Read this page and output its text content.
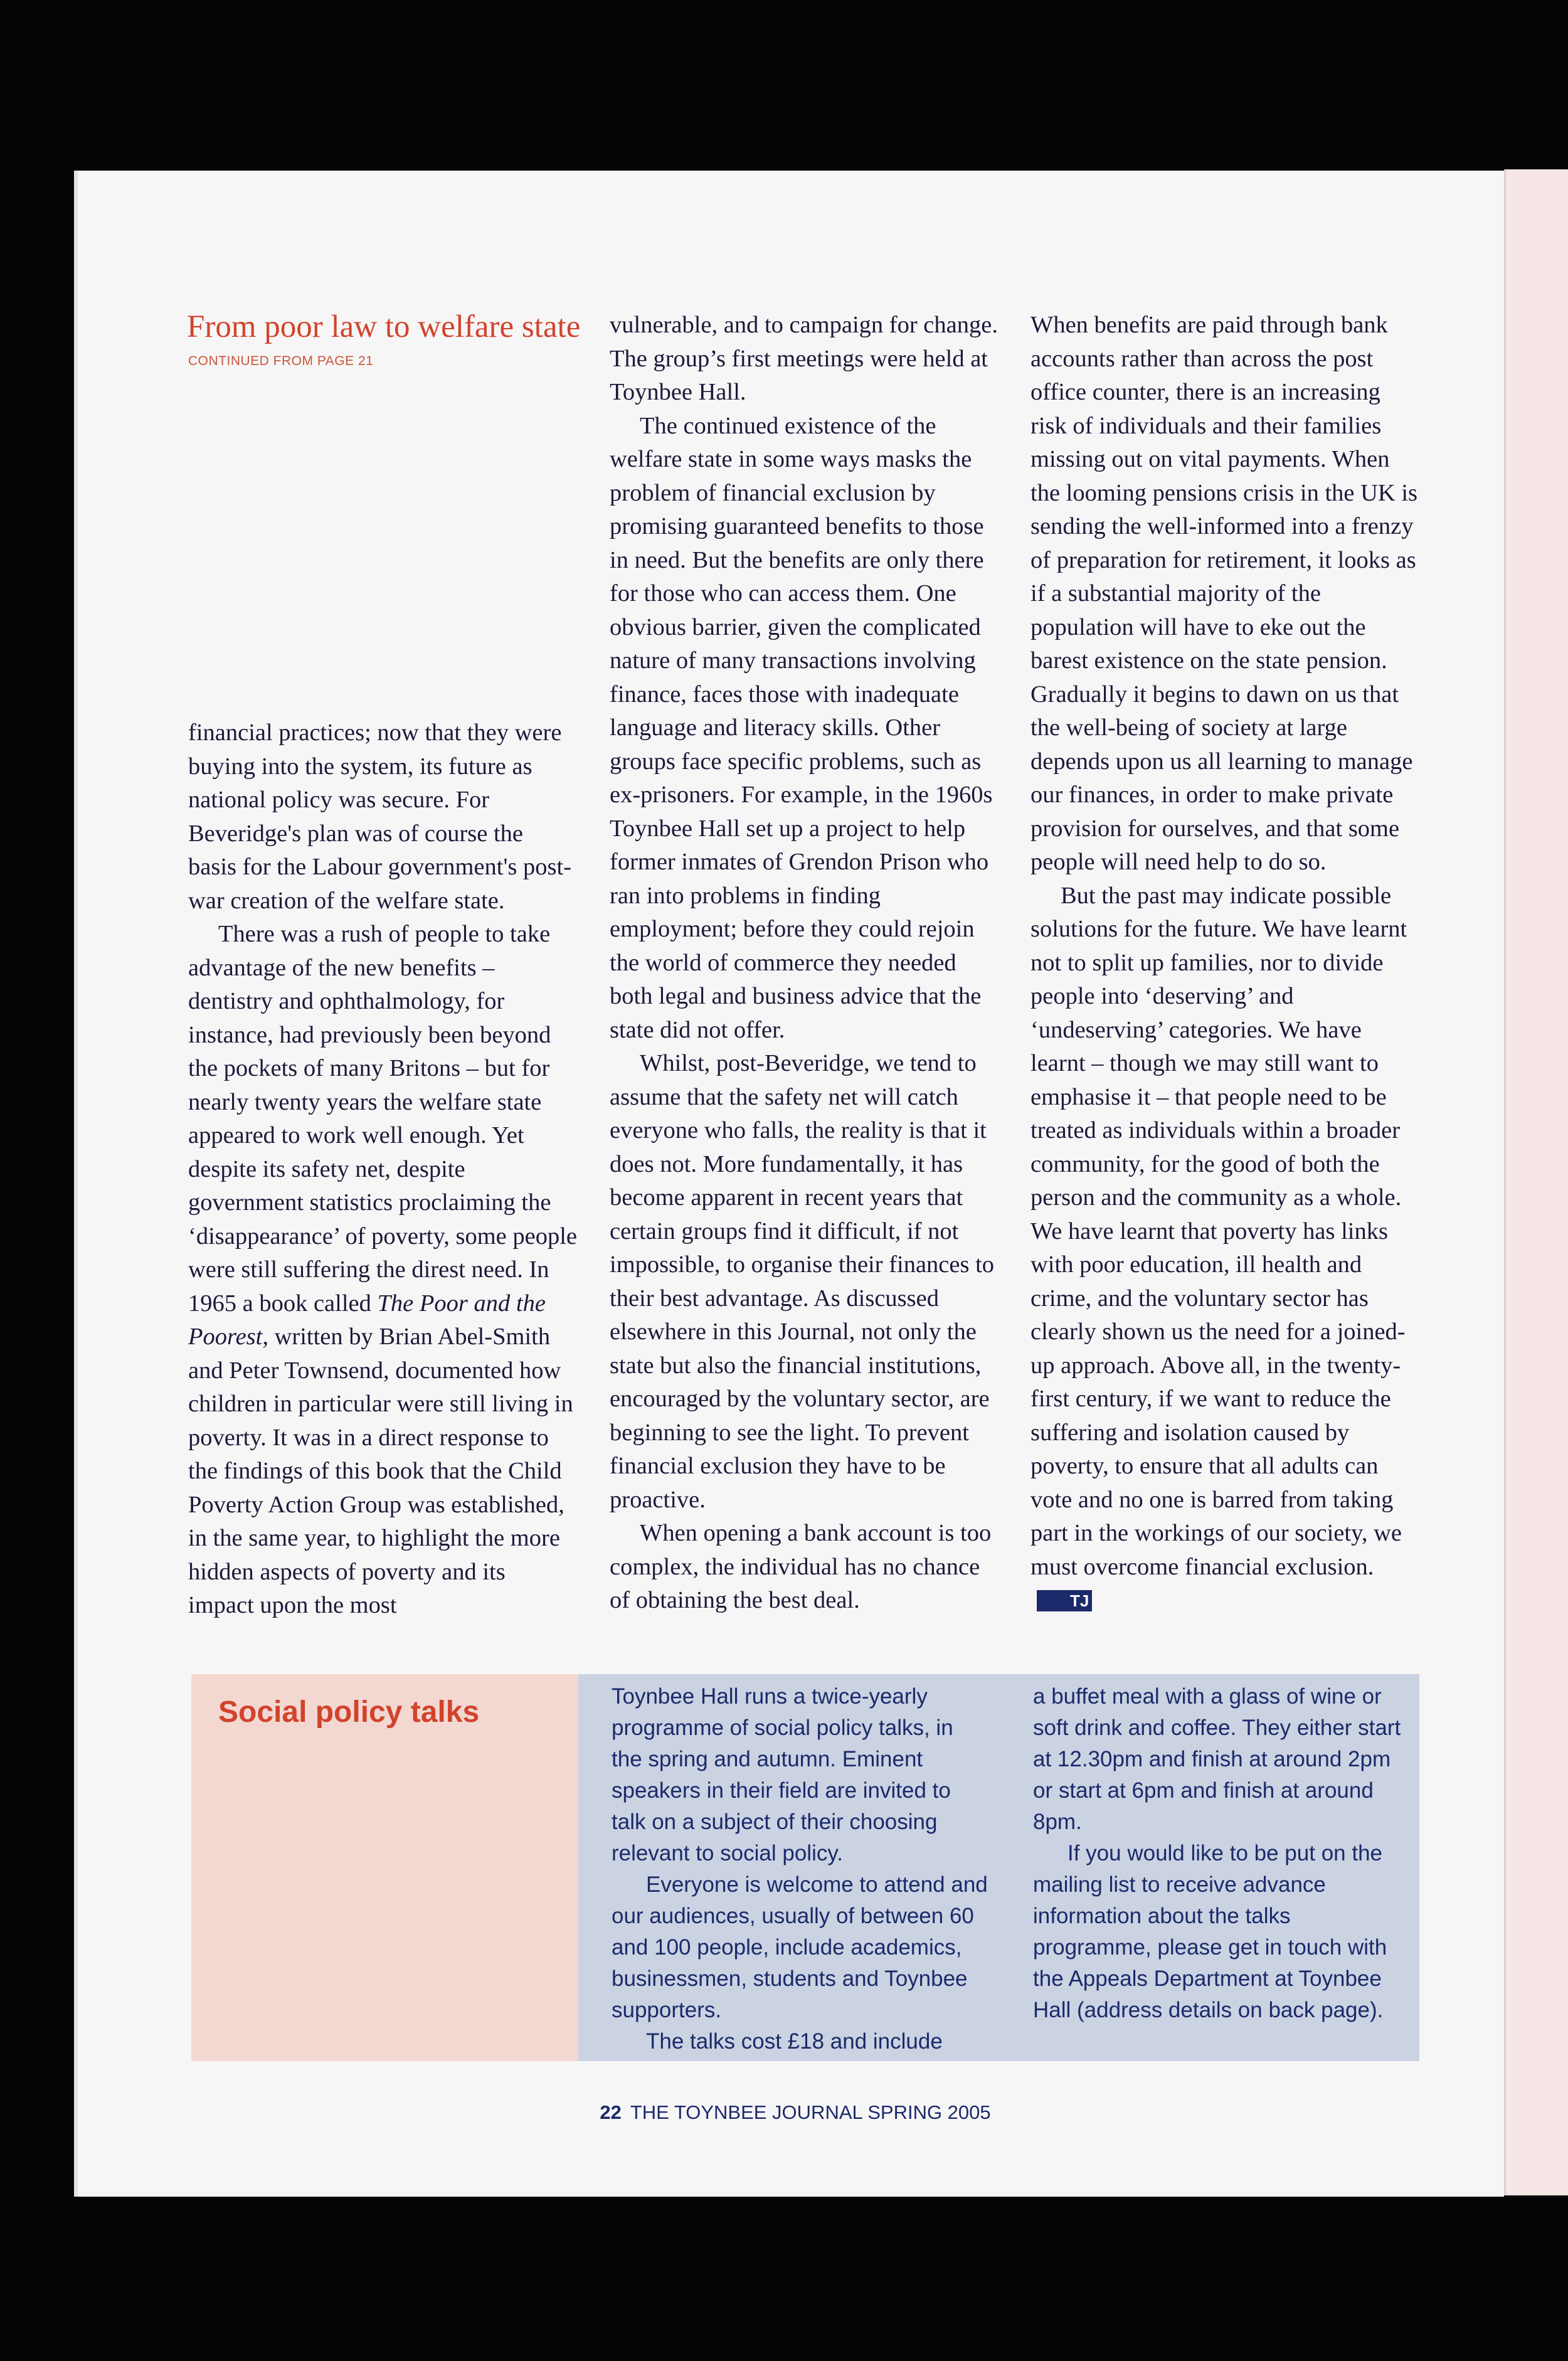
From poor law to welfare state
CONTINUED FROM PAGE 21

financial practices; now that they were buying into the system, its future as national policy was secure. For Beveridge's plan was of course the basis for the Labour government's post-war creation of the welfare state.

There was a rush of people to take advantage of the new benefits – dentistry and ophthalmology, for instance, had previously been beyond the pockets of many Britons – but for nearly twenty years the welfare state appeared to work well enough. Yet despite its safety net, despite government statistics proclaiming the ‘disappearance’ of poverty, some people were still suffering the direst need. In 1965 a book called The Poor and the Poorest, written by Brian Abel-Smith and Peter Townsend, documented how children in particular were still living in poverty. It was in a direct response to the findings of this book that the Child Poverty Action Group was established, in the same year, to highlight the more hidden aspects of poverty and its impact upon the most

vulnerable, and to campaign for change. The group’s first meetings were held at Toynbee Hall.

The continued existence of the welfare state in some ways masks the problem of financial exclusion by promising guaranteed benefits to those in need. But the benefits are only there for those who can access them. One obvious barrier, given the complicated nature of many transactions involving finance, faces those with inadequate language and literacy skills. Other groups face specific problems, such as ex-prisoners. For example, in the 1960s Toynbee Hall set up a project to help former inmates of Grendon Prison who ran into problems in finding employment; before they could rejoin the world of commerce they needed both legal and business advice that the state did not offer.

Whilst, post-Beveridge, we tend to assume that the safety net will catch everyone who falls, the reality is that it does not. More fundamentally, it has become apparent in recent years that certain groups find it difficult, if not impossible, to organise their finances to their best advantage. As discussed elsewhere in this Journal, not only the state but also the financial institutions, encouraged by the voluntary sector, are beginning to see the light. To prevent financial exclusion they have to be proactive.

When opening a bank account is too complex, the individual has no chance of obtaining the best deal.

When benefits are paid through bank accounts rather than across the post office counter, there is an increasing risk of individuals and their families missing out on vital payments. When the looming pensions crisis in the UK is sending the well-informed into a frenzy of preparation for retirement, it looks as if a substantial majority of the population will have to eke out the barest existence on the state pension. Gradually it begins to dawn on us that the well-being of society at large depends upon us all learning to manage our finances, in order to make private provision for ourselves, and that some people will need help to do so.

But the past may indicate possible solutions for the future. We have learnt not to split up families, nor to divide people into ‘deserving’ and ‘undeserving’ categories. We have learnt – though we may still want to emphasise it – that people need to be treated as individuals within a broader community, for the good of both the person and the community as a whole. We have learnt that poverty has links with poor education, ill health and crime, and the voluntary sector has clearly shown us the need for a joined-up approach. Above all, in the twenty-first century, if we want to reduce the suffering and isolation caused by poverty, to ensure that all adults can vote and no one is barred from taking part in the workings of our society, we must overcome financial exclusion.TJ

Social policy talks	Toynbee Hall runs a twice-yearly programme of social policy talks, in the spring and autumn. Eminent speakers in their field are invited to talk on a subject of their choosing relevant to social policy.

Everyone is welcome to attend and our audiences, usually of between 60 and 100 people, include academics, businessmen, students and Toynbee supporters.

The talks cost £18 and include

a buffet meal with a glass of wine or soft drink and coffee. They either start at 12.30pm and finish at around 2pm or start at 6pm and finish at around 8pm.

If you would like to be put on the mailing list to receive advance information about the talks programme, please get in touch with the Appeals Department at Toynbee Hall (address details on back page).

22 THE TOYNBEE JOURNAL SPRING 2005
